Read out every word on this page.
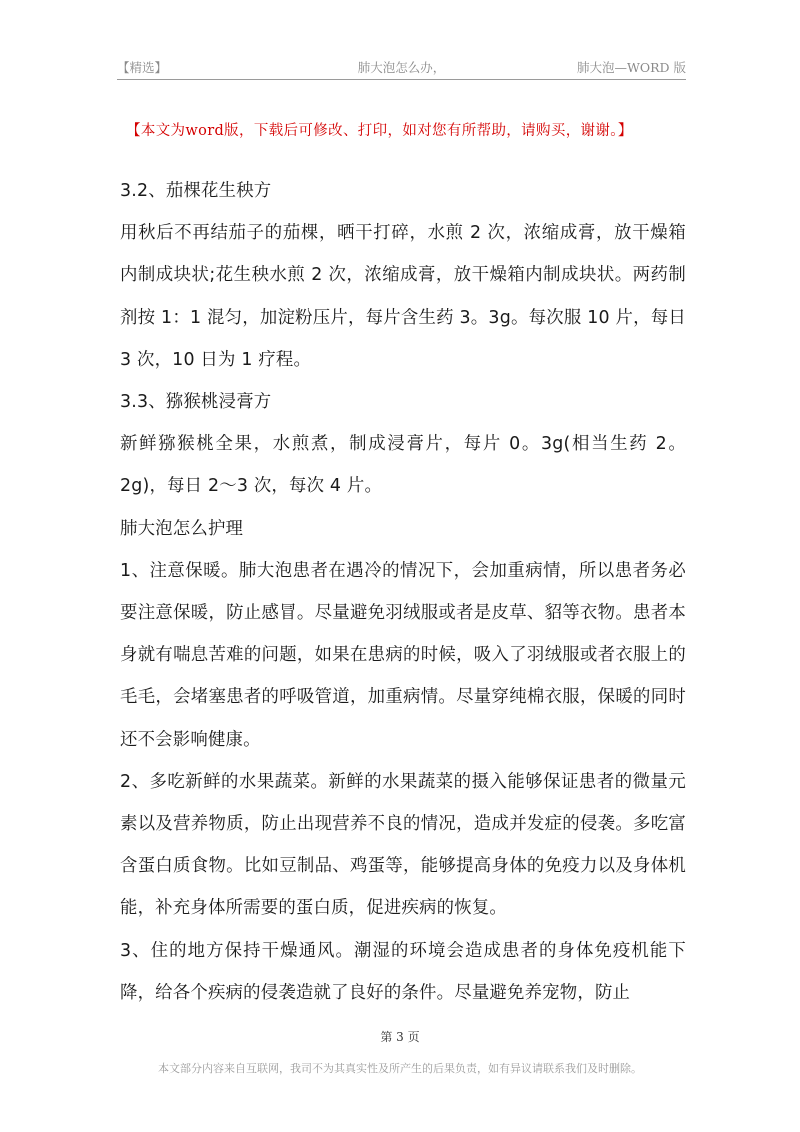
【精选】	肺大泡怎么办，	肺大泡—WORD 版
【本文为word版，下载后可修改、打印，如对您有所帮助，请购买，谢谢。】

3.2、茄棵花生秧方

用秋后不再结茄子的茄棵，晒干打碎，水煎 2 次，浓缩成膏，放干燥箱内制成块状;花生秧水煎 2 次，浓缩成膏，放干燥箱内制成块状。两药制剂按 1：1 混匀，加淀粉压片，每片含生药 3。3g。每次服 10 片，每日 3 次，10 日为 1 疗程。

3.3、猕猴桃浸膏方

新鲜猕猴桃全果，水煎煮，制成浸膏片，每片 0。3g(相当生药 2。2g)，每日 2～3 次，每次 4 片。

肺大泡怎么护理

1、注意保暖。肺大泡患者在遇冷的情况下，会加重病情，所以患者务必要注意保暖，防止感冒。尽量避免羽绒服或者是皮草、貂等衣物。患者本身就有喘息苦难的问题，如果在患病的时候，吸入了羽绒服或者衣服上的毛毛，会堵塞患者的呼吸管道，加重病情。尽量穿纯棉衣服，保暖的同时还不会影响健康。

2、多吃新鲜的水果蔬菜。新鲜的水果蔬菜的摄入能够保证患者的微量元素以及营养物质，防止出现营养不良的情况，造成并发症的侵袭。多吃富含蛋白质食物。比如豆制品、鸡蛋等，能够提高身体的免疫力以及身体机能，补充身体所需要的蛋白质，促进疾病的恢复。

3、住的地方保持干燥通风。潮湿的环境会造成患者的身体免疫机能下降，给各个疾病的侵袭造就了良好的条件。尽量避免养宠物，防止

第 3 页
本文部分内容来自互联网，我司不为其真实性及所产生的后果负责，如有异议请联系我们及时删除。
